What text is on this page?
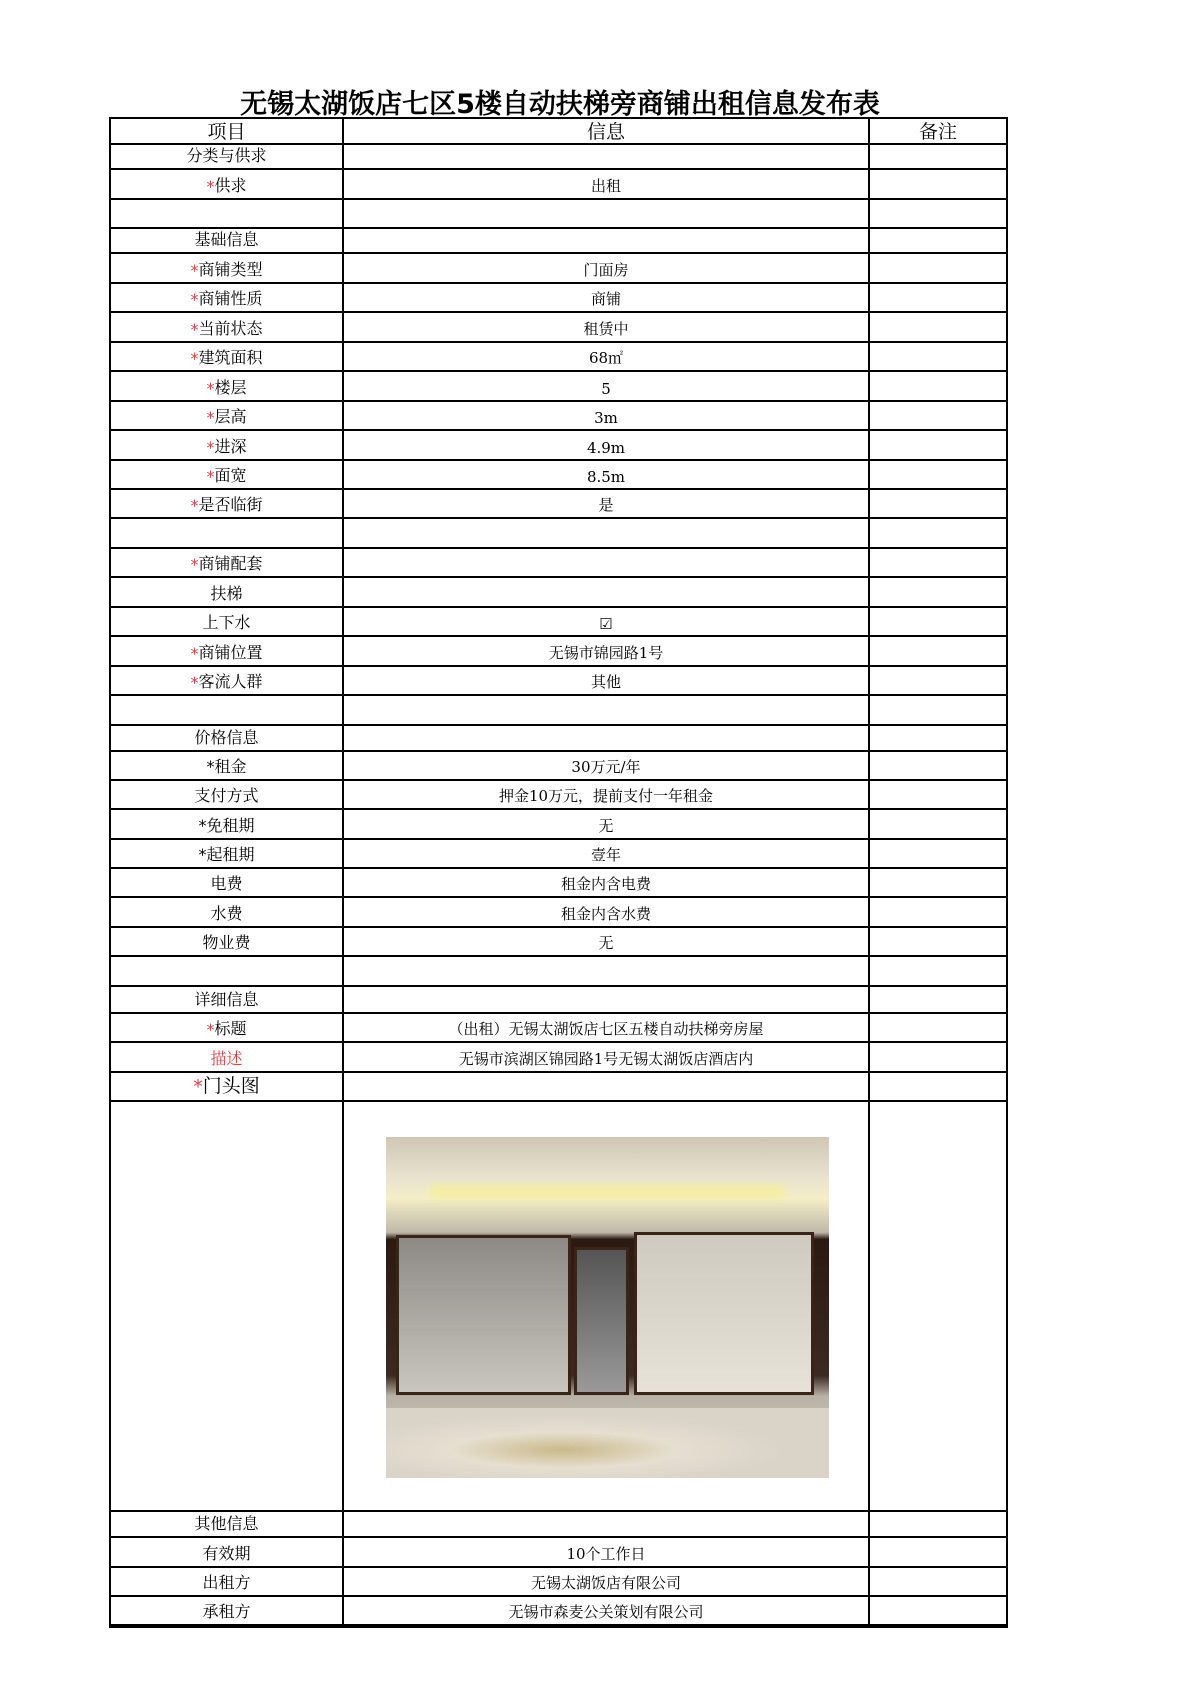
无锡太湖饭店七区5楼自动扶梯旁商铺出租信息发布表
项目	信息	备注
分类与供求
* 供求	出租
基础信息
* 商铺类型	门面房
* 商铺性质	商铺
* 当前状态	租赁中
* 建筑面积	68㎡
* 楼层	5
* 层高	3m
* 进深	4.9m
* 面宽	8.5m
* 是否临街	是
* 商铺配套
扶梯
上下水	☑
* 商铺位置	无锡市锦园路1号
* 客流人群	其他
价格信息
*租金	30万元/年
支付方式	押金10万元，提前支付一年租金
*免租期	无
*起租期	壹年
电费	租金内含电费
水费	租金内含水费
物业费	无
详细信息
* 标题	（出租）无锡太湖饭店七区五楼自动扶梯旁房屋
描述	无锡市滨湖区锦园路1号无锡太湖饭店酒店内
* 门头图
其他信息
有效期	10个工作日
出租方	无锡太湖饭店有限公司
承租方	无锡市森麦公关策划有限公司
